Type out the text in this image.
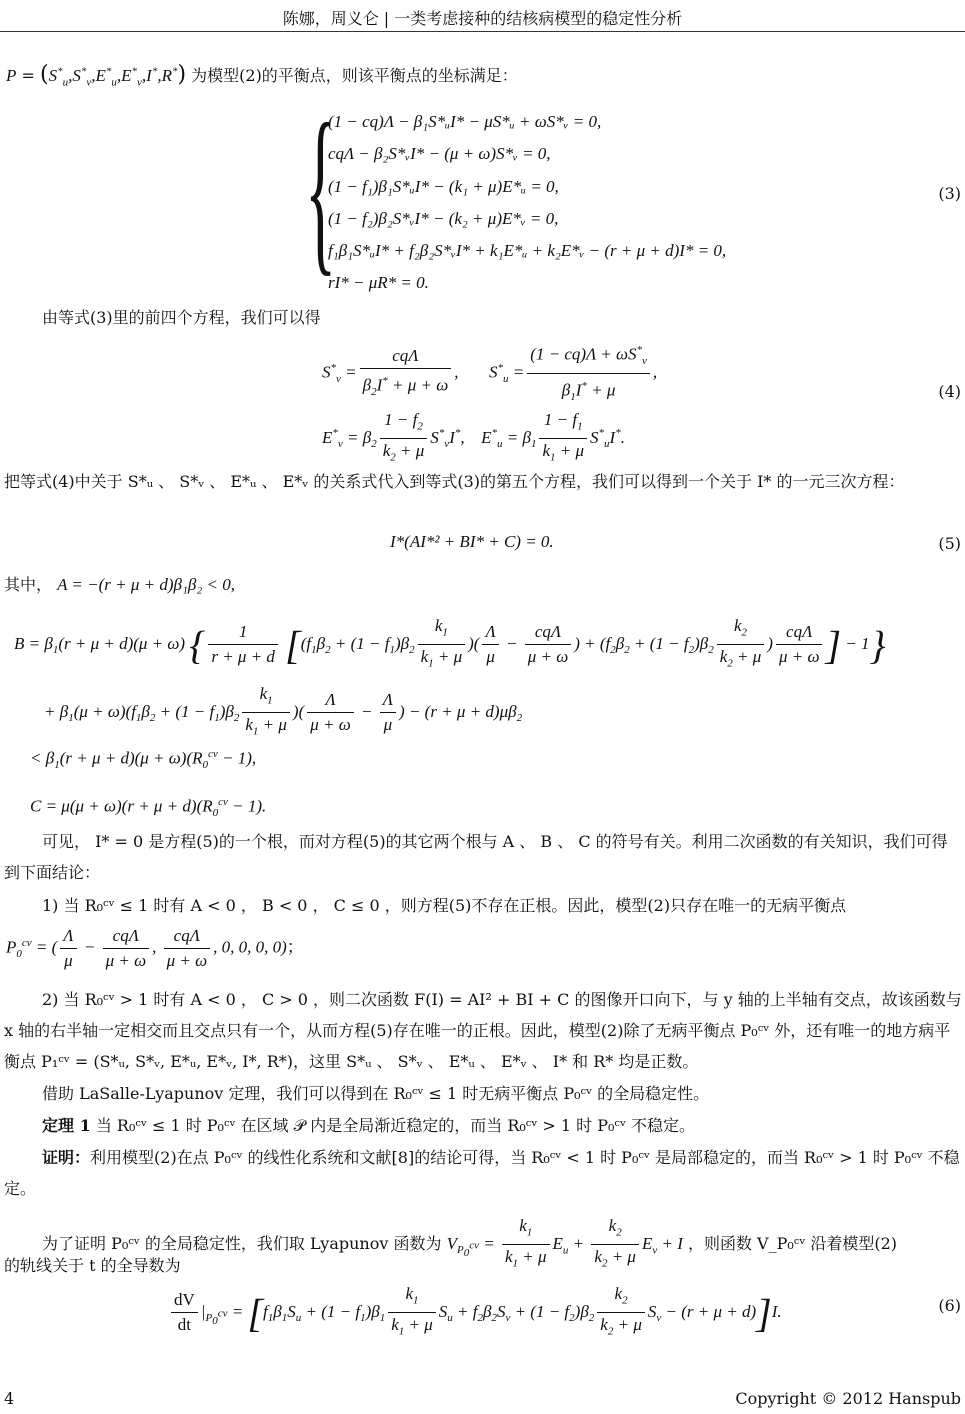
陈娜，周义仑 | 一类考虑接种的结核病模型的稳定性分析
$P = (S^*_u,S^*_v,E^*_u,E^*_v,I^*,R^*)$ 为模型(2)的平衡点，则该平衡点的坐标满足：
{
(1 − cq)Λ − β₁S*ᵤI* − μS*ᵤ + ωS*ᵥ = 0,
cqΛ − β₂S*ᵥI* − (μ + ω)S*ᵥ = 0,
(1 − f₁)β₁S*ᵤI* − (k₁ + μ)E*ᵤ = 0,
(1 − f₂)β₂S*ᵥI* − (k₂ + μ)E*ᵥ = 0,
f₁β₁S*ᵤI* + f₂β₂S*ᵥI* + k₁E*ᵤ + k₂E*ᵥ − (r + μ + d)I* = 0,
rI* − μR* = 0.
(3)
由等式(3)里的前四个方程，我们可以得
$S^*_v = \frac{\text{cqΛ}}{\beta_2I^* + \mu + \omega}$ ,  $S^*_u = \frac{(1 - cq)\Lambda + \omega S^*_v}{\beta_1I^* + \mu}$ ,
$E^*_v = \beta_2 \frac{1 - f_2}{k_2 + \mu} S^*_vI^*$,  $E^*_u = \beta_1 \frac{1 - f_1}{k_1 + \mu} S^*_uI^*$.
(4)
把等式(4)中关于 S*ᵤ 、 S*ᵥ 、 E*ᵤ 、 E*ᵥ 的关系式代入到等式(3)的第五个方程，我们可以得到一个关于 I* 的一元三次方程：
I*(AI*² + BI* + C) = 0.	(5)
其中， A = −(r + μ + d)β₁β₂ < 0,
$B = \beta_1(r + \mu + d)(\mu + \omega)$ { $\frac{1}{r + \mu + d} [(f_1\beta_2 + (1 - f_1)\beta_2 \frac{k_1}{k_1 + \mu}$ )( $\frac{\Lambda}{\mu} - \frac{\text{cqΛ}}{\mu + \omega}$ ) + ($f_2\beta_2 + (1 - f_2)\beta_2 \frac{k_2}{k_2 + \mu}$ ) $\frac{\text{cqΛ}}{\mu + \omega}$ ] − 1}
+ $\beta_1(\mu + \omega)(f_1\beta_2 + (1 - f_1)\beta_2 \frac{k_1}{k_1 + \mu}$ )( $\frac{\Lambda}{\mu + \omega} - \frac{\Lambda}{\mu}$ ) − $(r + \mu + d)\mu\beta_2$
< $\beta_1(r + \mu + d)(\mu + \omega)(R_0^{cv} - 1)$,
$C = \mu(\mu + \omega)(r + \mu + d)(R_0^{cv} - 1)$.
可见， I* = 0 是方程(5)的一个根，而对方程(5)的其它两个根与 A 、 B 、 C 的符号有关。利用二次函数的有关知识，我们可得到下面结论：
1) 当 R₀ᶜᵛ ≤ 1 时有 A < 0 ， B < 0 ， C ≤ 0 ，则方程(5)不存在正根。因此，模型(2)只存在唯一的无病平衡点
$P_0^{cv}$ = ( $\frac{\Lambda}{\mu} - \frac{\text{cqΛ}}{\mu + \omega}$ , $\frac{\text{cqΛ}}{\mu + \omega}$ , 0, 0, 0, 0)；
2) 当 R₀ᶜᵛ > 1 时有 A < 0 ， C > 0 ，则二次函数 F(I) = AI² + BI + C 的图像开口向下，与 y 轴的上半轴有交点，故该函数与 x 轴的右半轴一定相交而且交点只有一个，从而方程(5)存在唯一的正根。因此，模型(2)除了无病平衡点 P₀ᶜᵛ 外，还有唯一的地方病平衡点 P₁ᶜᵛ = (S*ᵤ, S*ᵥ, E*ᵤ, E*ᵥ, I*, R*)，这里 S*ᵤ 、 S*ᵥ 、 E*ᵤ 、 E*ᵥ 、 I* 和 R* 均是正数。
借助 LaSalle-Lyapunov 定理，我们可以得到在 R₀ᶜᵛ ≤ 1 时无病平衡点 P₀ᶜᵛ 的全局稳定性。
定理 1 当 R₀ᶜᵛ ≤ 1 时 P₀ᶜᵛ 在区域 𝒫 内是全局渐近稳定的，而当 R₀ᶜᵛ > 1 时 P₀ᶜᵛ 不稳定。
证明：利用模型(2)在点 P₀ᶜᵛ 的线性化系统和文献[8]的结论可得，当 R₀ᶜᵛ < 1 时 P₀ᶜᵛ 是局部稳定的，而当 R₀ᶜᵛ > 1 时 P₀ᶜᵛ 不稳定。
为了证明 P₀ᶜᵛ 的全局稳定性，我们取 Lyapunov 函数为 $V_{P_0^{cv}} = \frac{k_1}{k_1 + \mu} E_u + \frac{k_2}{k_2 + \mu} E_v + I$ ，则函数 V_P₀ᶜᵛ 沿着模型(2)
的轨线关于 t 的全导数为
$\frac{dV}{dt} |_{P_0^{cv}} = [f_1\beta_1S_u + (1 - f_1)\beta_1 \frac{k_1}{k_1 + \mu} S_u + f_2\beta_2S_v + (1 - f_2)\beta_2 \frac{k_2}{k_2 + \mu} S_v - (r + \mu + d)]I$.	(6)
4	Copyright © 2012 Hanspub
